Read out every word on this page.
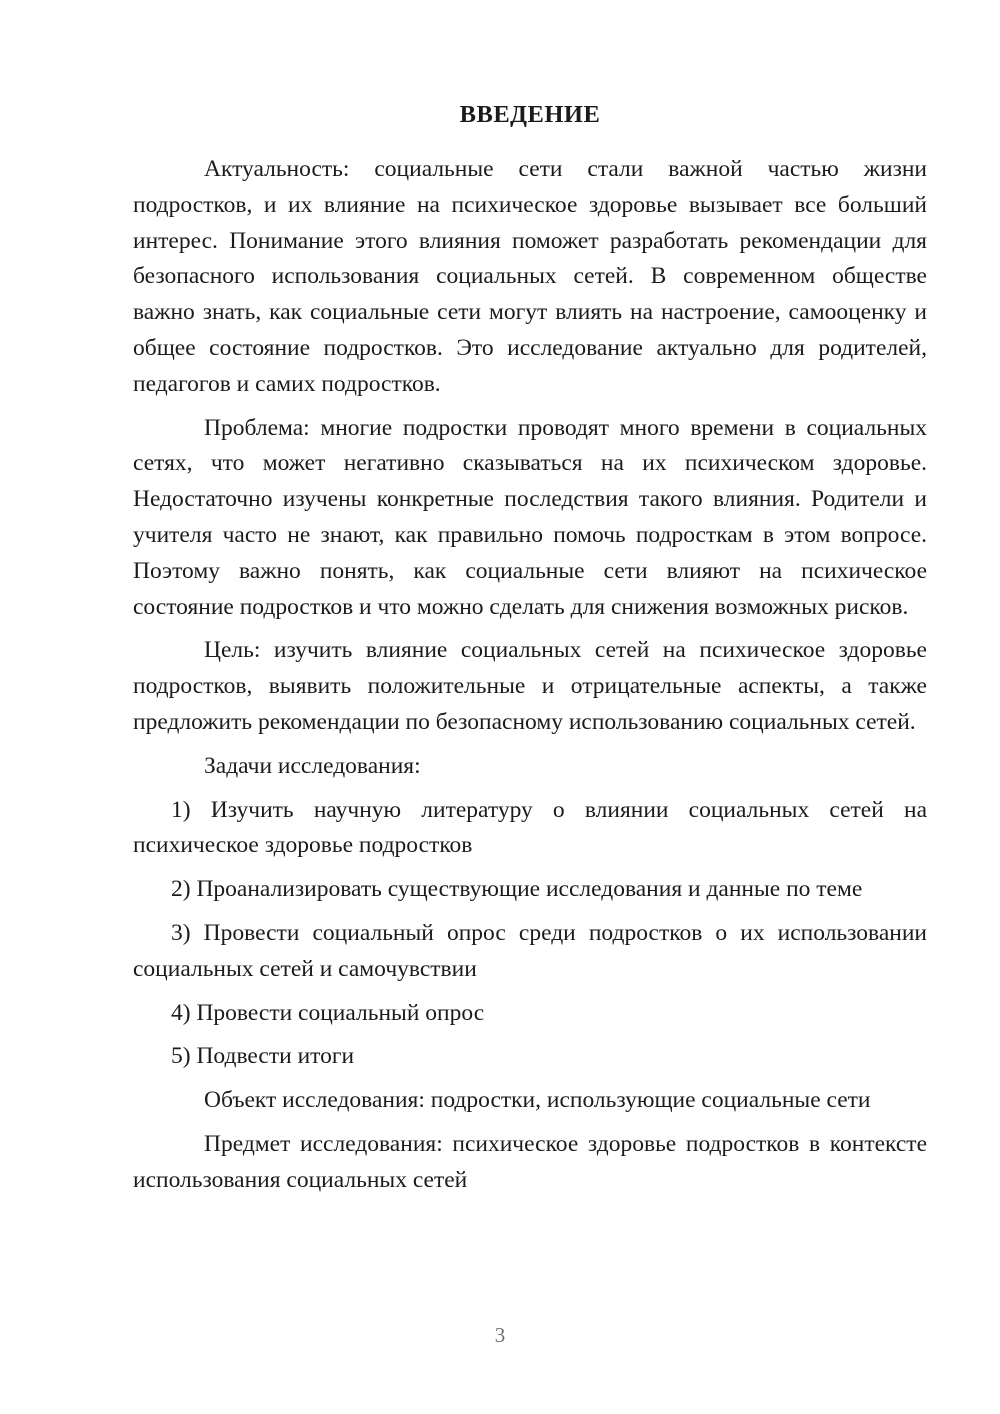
ВВЕДЕНИЕ

Актуальность: социальные сети стали важной частью жизни подростков, и их влияние на психическое здоровье вызывает все больший интерес. Понимание этого влияния поможет разработать рекомендации для безопасного использования социальных сетей. В современном обществе важно знать, как социальные сети могут влиять на настроение, самооценку и общее состояние подростков. Это исследование актуально для родителей, педагогов и самих подростков.

Проблема: многие подростки проводят много времени в социальных сетях, что может негативно сказываться на их психическом здоровье. Недостаточно изучены конкретные последствия такого влияния. Родители и учителя часто не знают, как правильно помочь подросткам в этом вопросе. Поэтому важно понять, как социальные сети влияют на психическое состояние подростков и что можно сделать для снижения возможных рисков.

Цель: изучить влияние социальных сетей на психическое здоровье подростков, выявить положительные и отрицательные аспекты, а также предложить рекомендации по безопасному использованию социальных сетей.

Задачи исследования:

1) Изучить научную литературу о влиянии социальных сетей на психическое здоровье подростков

2) Проанализировать существующие исследования и данные по теме

3) Провести социальный опрос среди подростков о их использовании социальных сетей и самочувствии

4) Провести социальный опрос

5) Подвести итоги

Объект исследования: подростки, использующие социальные сети

Предмет исследования: психическое здоровье подростков в контексте использования социальных сетей

3
